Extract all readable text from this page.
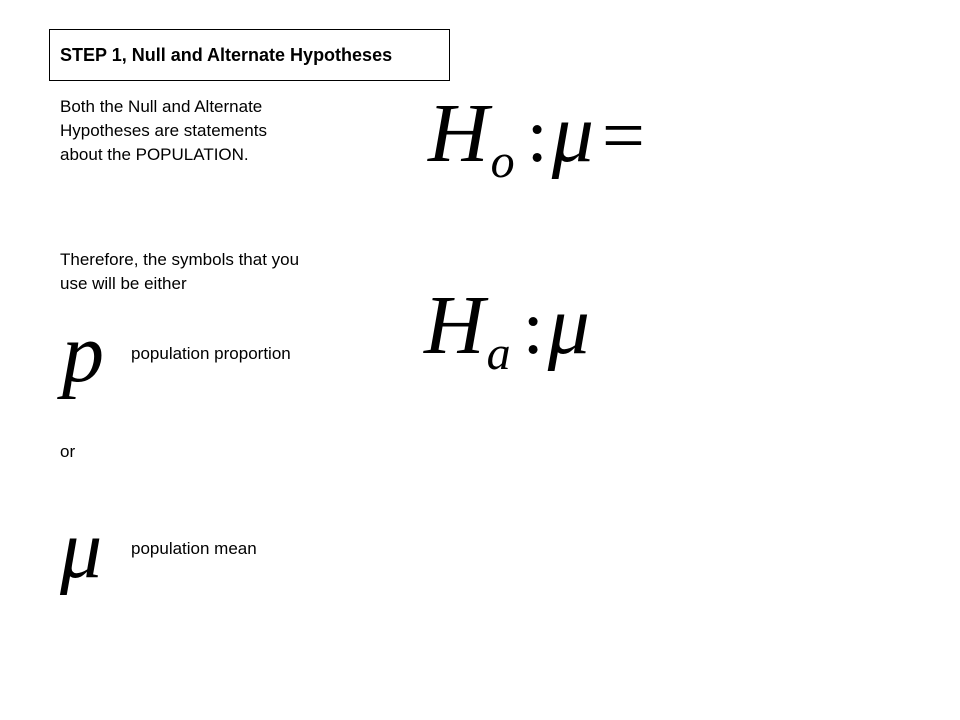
STEP 1, Null and Alternate Hypotheses
Both the Null and Alternate
Hypotheses are statements
about the POPULATION.
Therefore, the symbols that you
use will be either
p population proportion
or
μ population mean
Ho :μ =
Ha :μ
